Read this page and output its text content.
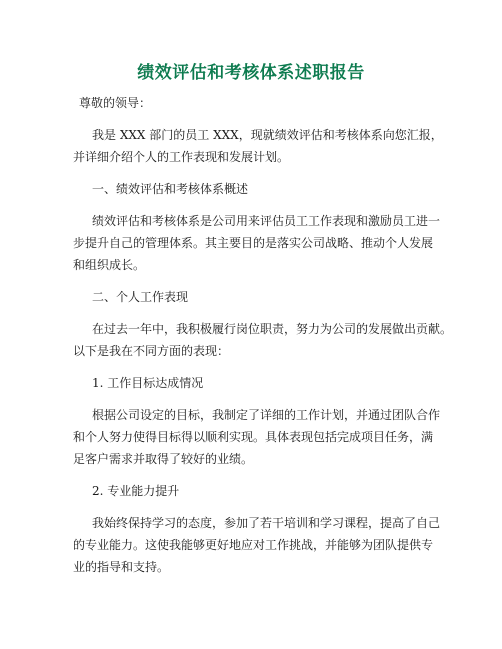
绩效评估和考核体系述职报告
尊敬的领导：
我是 XXX 部门的员工 XXX，现就绩效评估和考核体系向您汇报，
并详细介绍个人的工作表现和发展计划。
一、绩效评估和考核体系概述
绩效评估和考核体系是公司用来评估员工工作表现和激励员工进一
步提升自己的管理体系。其主要目的是落实公司战略、推动个人发展
和组织成长。
二、个人工作表现
在过去一年中，我积极履行岗位职责，努力为公司的发展做出贡献。
以下是我在不同方面的表现：
1. 工作目标达成情况
根据公司设定的目标，我制定了详细的工作计划，并通过团队合作
和个人努力使得目标得以顺利实现。具体表现包括完成项目任务，满
足客户需求并取得了较好的业绩。
2. 专业能力提升
我始终保持学习的态度，参加了若干培训和学习课程，提高了自己
的专业能力。这使我能够更好地应对工作挑战，并能够为团队提供专
业的指导和支持。
